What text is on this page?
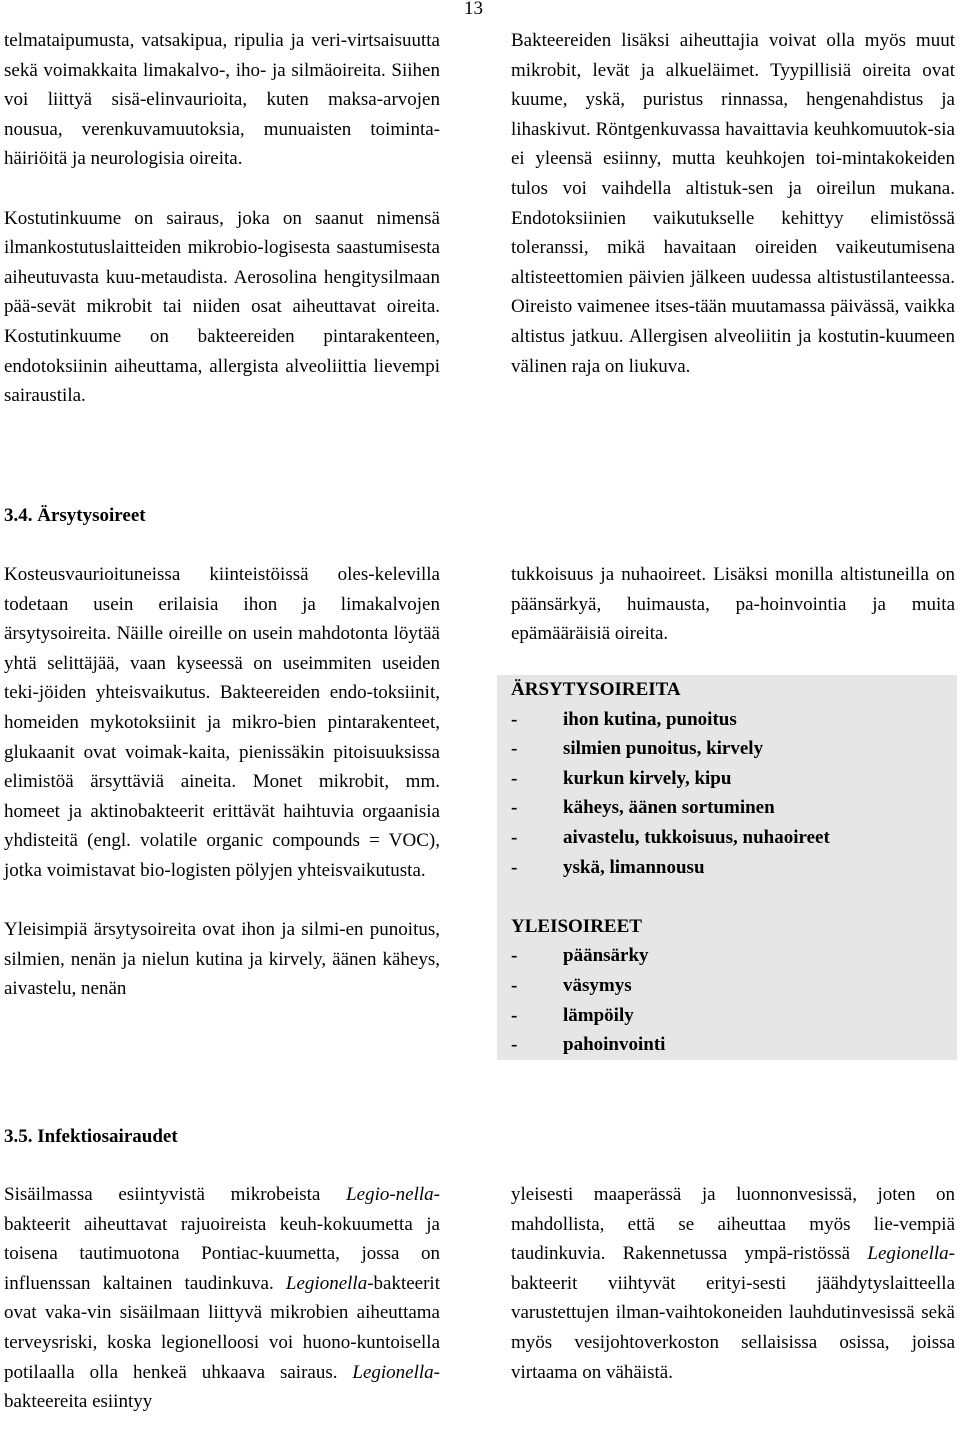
13

telmataipumusta, vatsakipua, ripulia ja veri-virtsaisuutta sekä voimakkaita limakalvo-, iho- ja silmäoireita. Siihen voi liittyä sisä-elinvaurioita, kuten maksa-arvojen nousua, verenkuvamuutoksia, munuaisten toiminta-häiriöitä ja neurologisia oireita.

Kostutinkuume on sairaus, joka on saanut nimensä ilmankostutuslaitteiden mikrobio-logisesta saastumisesta aiheutuvasta kuu-metaudista. Aerosolina hengitysilmaan pää-sevät mikrobit tai niiden osat aiheuttavat oireita. Kostutinkuume on bakteereiden pintarakenteen, endotoksiinin aiheuttama, allergista alveoliittia lievempi sairaustila.

Bakteereiden lisäksi aiheuttajia voivat olla myös muut mikrobit, levät ja alkueläimet. Tyypillisiä oireita ovat kuume, yskä, puristus rinnassa, hengenahdistus ja lihaskivut. Röntgenkuvassa havaittavia keuhkomuutok-sia ei yleensä esiinny, mutta keuhkojen toi-mintakokeiden tulos voi vaihdella altistuk-sen ja oireilun mukana. Endotoksiinien vaikutukselle kehittyy elimistössä toleranssi, mikä havaitaan oireiden vaikeutumisena altisteettomien päivien jälkeen uudessa altistustilanteessa. Oireisto vaimenee itses-tään muutamassa päivässä, vaikka altistus jatkuu. Allergisen alveoliitin ja kostutin-kuumeen välinen raja on liukuva.

3.4. Ärsytysoireet

Kosteusvaurioituneissa kiinteistöissä oles-kelevilla todetaan usein erilaisia ihon ja limakalvojen ärsytysoireita. Näille oireille on usein mahdotonta löytää yhtä selittäjää, vaan kyseessä on useimmiten useiden teki-jöiden yhteisvaikutus. Bakteereiden endo-toksiinit, homeiden mykotoksiinit ja mikro-bien pintarakenteet, glukaanit ovat voimak-kaita, pienissäkin pitoisuuksissa elimistöä ärsyttäviä aineita. Monet mikrobit, mm. homeet ja aktinobakteerit erittävät haihtuvia orgaanisia yhdisteitä (engl. volatile organic compounds = VOC), jotka voimistavat bio-logisten pölyjen yhteisvaikutusta.

Yleisimpiä ärsytysoireita ovat ihon ja silmi-en punoitus, silmien, nenän ja nielun kutina ja kirvely, äänen käheys, aivastelu, nenän

tukkoisuus ja nuhaoireet. Lisäksi monilla altistuneilla on päänsärkyä, huimausta, pa-hoinvointia ja muita epämääräisiä oireita.

ÄRSYTYSOIREITA
- ihon kutina, punoitus
- silmien punoitus, kirvely
- kurkun kirvely, kipu
- käheys, äänen sortuminen
- aivastelu, tukkoisuus, nuhaoireet
- yskä, limannousu
YLEISOIREET
- päänsärky
- väsymys
- lämpöily
- pahoinvointi
3.5. Infektiosairaudet

Sisäilmassa esiintyvistä mikrobeista Legio-nella-bakteerit aiheuttavat rajuoireista keuh-kokuumetta ja toisena tautimuotona Pontiac-kuumetta, jossa on influenssan kaltainen taudinkuva. Legionella-bakteerit ovat vaka-vin sisäilmaan liittyvä mikrobien aiheuttama terveysriski, koska legionelloosi voi huono-kuntoisella potilaalla olla henkeä uhkaava sairaus. Legionella-bakteereita esiintyy

yleisesti maaperässä ja luonnonvesissä, joten on mahdollista, että se aiheuttaa myös lie-vempiä taudinkuvia. Rakennetussa ympä-ristössä Legionella-bakteerit viihtyvät erityi-sesti jäähdytyslaitteella varustettujen ilman-vaihtokoneiden lauhdutinvesissä sekä myös vesijohtoverkoston sellaisissa osissa, joissa virtaama on vähäistä.
